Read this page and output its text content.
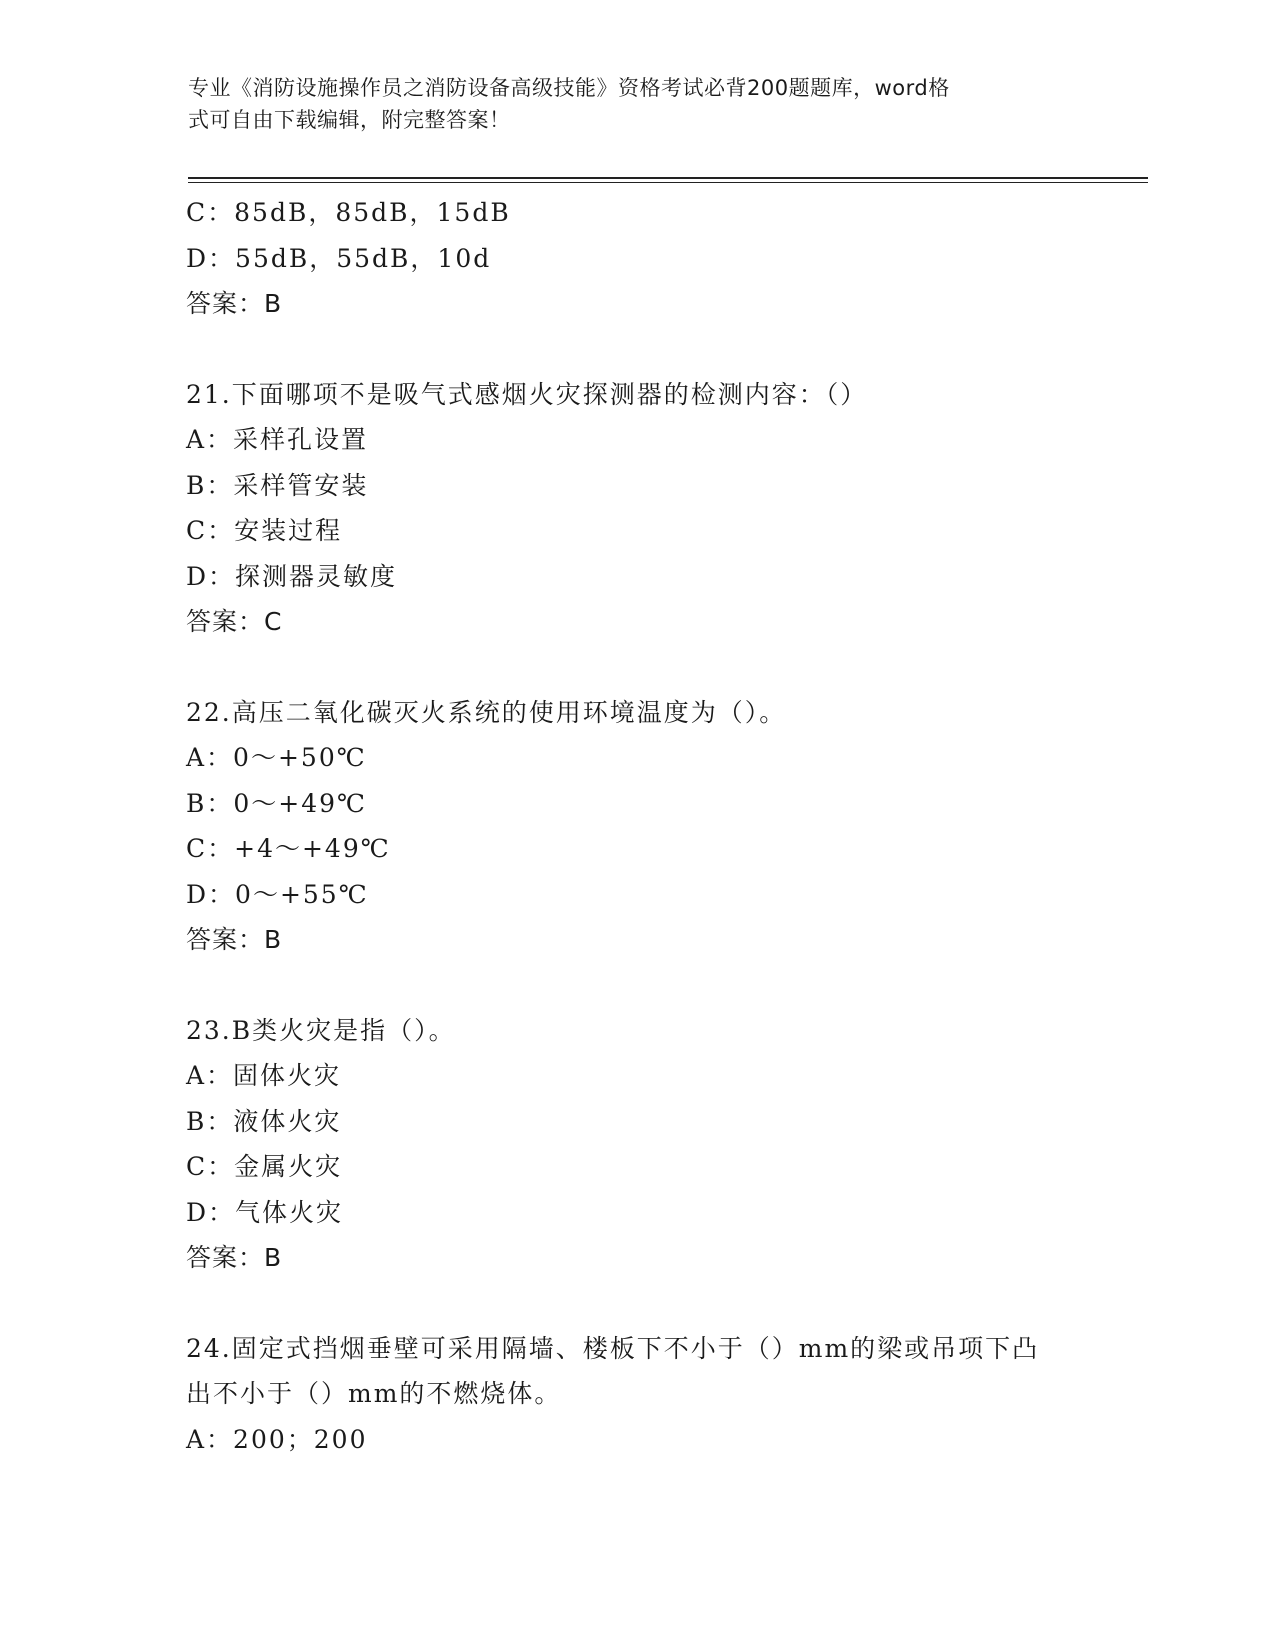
专业《消防设施操作员之消防设备高级技能》资格考试必背200题题库，word格
式可自由下载编辑，附完整答案！
C：85dB，85dB，15dB
D：55dB，55dB，10d
答案：B
21.下面哪项不是吸气式感烟火灾探测器的检测内容：（）
A：采样孔设置
B：采样管安装
C：安装过程
D：探测器灵敏度
答案：C
22.高压二氧化碳灭火系统的使用环境温度为（）。
A：0～+50℃
B：0～+49℃
C：+4～+49℃
D：0～+55℃
答案：B
23.B类火灾是指（）。
A：固体火灾
B：液体火灾
C：金属火灾
D：气体火灾
答案：B
24.固定式挡烟垂壁可采用隔墙、楼板下不小于（）mm的梁或吊项下凸
出不小于（）mm的不燃烧体。
A：200；200
